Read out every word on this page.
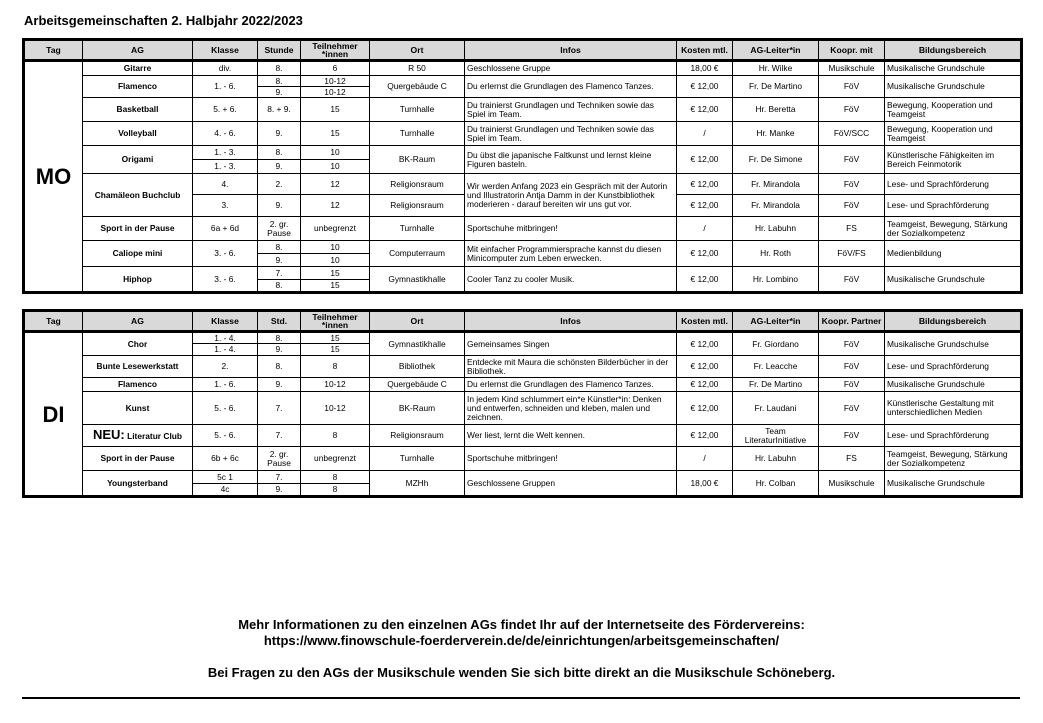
Arbeitsgemeinschaften 2. Halbjahr 2022/2023
Tag	AG	Klasse	Stunde	Teilnehmer *innen	Ort	Infos	Kosten mtl.	AG-Leiter*in	Koopr. mit	Bildungsbereich
MO	Gitarre	div.	8.	6	R 50	Geschlossene Gruppe	18,00 €	Hr. Wilke	Musikschule	Musikalische Grundschule
	Flamenco	1. - 6.	8.	10-12	Quergebäude C	Du erlernst die Grundlagen des Flamenco Tanzes.	€ 12,00	Fr. De Martino	FöV	Musikalische Grundschule
			9.	10-12						
	Basketball	5. + 6.	8. + 9.	15	Turnhalle	Du trainierst Grundlagen und Techniken sowie das Spiel im Team.	€ 12,00	Hr. Beretta	FöV	Bewegung, Kooperation und Teamgeist
	Volleyball	4. - 6.	9.	15	Turnhalle	Du trainierst Grundlagen und Techniken sowie das Spiel im Team.	/	Hr. Manke	FöV/SCC	Bewegung, Kooperation und Teamgeist
	Origami	1. - 3.	8.	10	BK-Raum	Du übst die japanische Faltkunst und lernst kleine Figuren basteln.	€ 12,00	Fr. De Simone	FöV	Künstlerische Fähigkeiten im Bereich Feinmotorik
		1. - 3.	9.	10						
	Chamäleon Buchclub	4.	2.	12	Religionsraum	Wir werden Anfang 2023 ein Gespräch mit der Autorin und Illustratorin Antja Damm in der Kunstbibliothek moderieren - darauf bereiten wir uns gut vor.	€ 12,00	Fr. Mirandola	FöV	Lese- und Sprachförderung
		3.	9.	12	Religionsraum		€ 12,00	Fr. Mirandola	FöV	Lese- und Sprachförderung
	Sport in der Pause	6a + 6d	2. gr. Pause	unbegrenzt	Turnhalle	Sportschuhe mitbringen!	/	Hr. Labuhn	FS	Teamgeist, Bewegung, Stärkung der Sozialkompetenz
	Caliope mini	3. - 6.	8.	10	Computerraum	Mit einfacher Programmiersprache kannst du diesen Minicomputer zum Leben erwecken.	€ 12,00	Hr. Roth	FöV/FS	Medienbildung
			9.	10						
	Hiphop	3. - 6.	7.	15	Gymnastikhalle	Cooler Tanz zu cooler Musik.	€ 12,00	Hr. Lombino	FöV	Musikalische Grundschule
			8.	15						
Tag	AG	Klasse	Std.	Teilnehmer *innen	Ort	Infos	Kosten mtl.	AG-Leiter*in	Koopr. Partner	Bildungsbereich
DI	Chor	1. - 4.	8.	15	Gymnastikhalle	Gemeinsames Singen	€ 12,00	Fr. Giordano	FöV	Musikalische Grundschulse
		1. - 4.	9.	15						
	Bunte Lesewerkstatt	2.	8.	8	Bibliothek	Entdecke mit Maura die schönsten Bilderbücher in der Bibliothek.	€ 12,00	Fr. Leacche	FöV	Lese- und Sprachförderung
	Flamenco	1. - 6.	9.	10-12	Quergebäude C	Du erlernst die Grundlagen des Flamenco Tanzes.	€ 12,00	Fr. De Martino	FöV	Musikalische Grundschule
	Kunst	5. - 6.	7.	10-12	BK-Raum	In jedem Kind schlummert ein*e Künstler*in: Denken und entwerfen, schneiden und kleben, malen und zeichnen.	€ 12,00	Fr. Laudani	FöV	Künstlerische Gestaltung mit unterschiedlichen Medien
	NEU: Literatur Club	5. - 6.	7.	8	Religionsraum	Wer liest, lernt die Welt kennen.	€ 12,00	Team LiteraturInitiative	FöV	Lese- und Sprachförderung
	Sport in der Pause	6b + 6c	2. gr. Pause	unbegrenzt	Turnhalle	Sportschuhe mitbringen!	/	Hr. Labuhn	FS	Teamgeist, Bewegung, Stärkung der Sozialkompetenz
	Youngsterband	5c 1	7.	8	MZHh	Geschlossene Gruppen	18,00 €	Hr. Colban	Musikschule	Musikalische Grundschule
		4c	9.	8						
Mehr Informationen zu den einzelnen AGs findet Ihr auf der Internetseite des Fördervereins:
https://www.finowschule-foerderverein.de/de/einrichtungen/arbeitsgemeinschaften/
Bei Fragen zu den AGs der Musikschule wenden Sie sich bitte direkt an die Musikschule Schöneberg.
